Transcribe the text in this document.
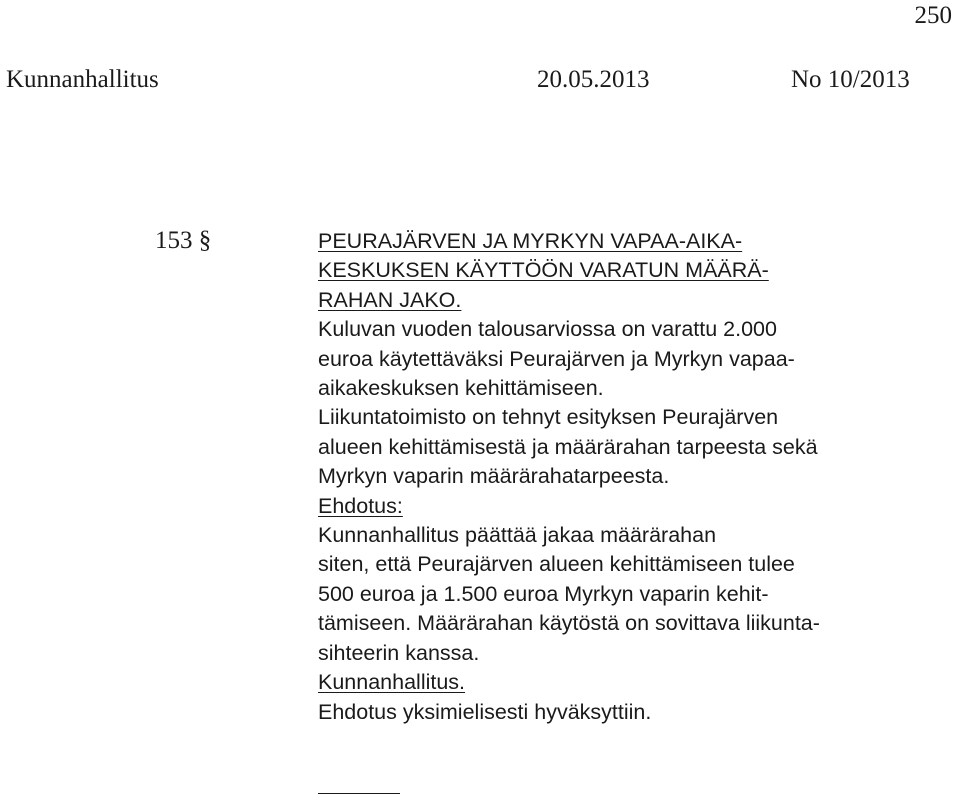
250
Kunnanhallitus	20.05.2013	No 10/2013
153 §	PEURAJÄRVEN JA MYRKYN VAPAA-AIKA-
KESKUKSEN KÄYTTÖÖN VARATUN MÄÄRÄ-
RAHAN JAKO.
Kuluvan vuoden talousarviossa on varattu 2.000
euroa käytettäväksi Peurajärven ja Myrkyn vapaa-
aikakeskuksen kehittämiseen.
Liikuntatoimisto on tehnyt esityksen Peurajärven
alueen kehittämisestä ja määrärahan tarpeesta sekä
Myrkyn vaparin määrärahatarpeesta.
Ehdotus:
Kunnanhallitus päättää jakaa määrärahan
siten, että Peurajärven alueen kehittämiseen tulee
500 euroa ja 1.500 euroa Myrkyn vaparin kehit-
tämiseen. Määrärahan käytöstä on sovittava liikunta-
sihteerin kanssa.
Kunnanhallitus.
Ehdotus yksimielisesti hyväksyttiin.
